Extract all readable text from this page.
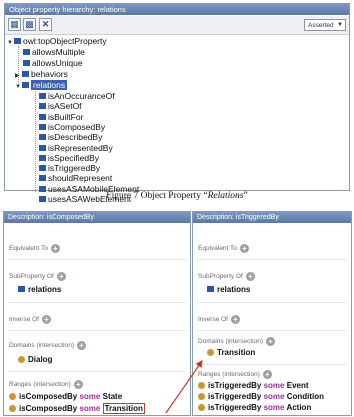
Object property hierarchy: relations
▦ ▩ ✕	Asserted ▼
▼ owl:topObjectProperty
allowsMultiple
allowsUnique
▶ behaviors
▼ relations
isAnOccuranceOf
isASetOf
isBuiltFor
isComposedBy
isDescribedBy
isRepresentedBy
isSpecifiedBy
isTriggeredBy
shouldRepresent
usesASAMobileElement
usesASAWebElement
Figure 7 Object Property “Relations”
Description: isComposedBy
Equivalent To +
SubProperty Of +
relations
Inverse Of +
Domains (intersection) +
Dialog
Ranges (intersection) +
isComposedBy some State
isComposedBy some Transition
Description: isTriggeredBy
Equivalent To +
SubProperty Of +
relations
Inverse Of +
Domains (intersection) +
Transition
Ranges (intersection) +
isTriggeredBy some Event
isTriggeredBy some Condition
isTriggeredBy some Action
